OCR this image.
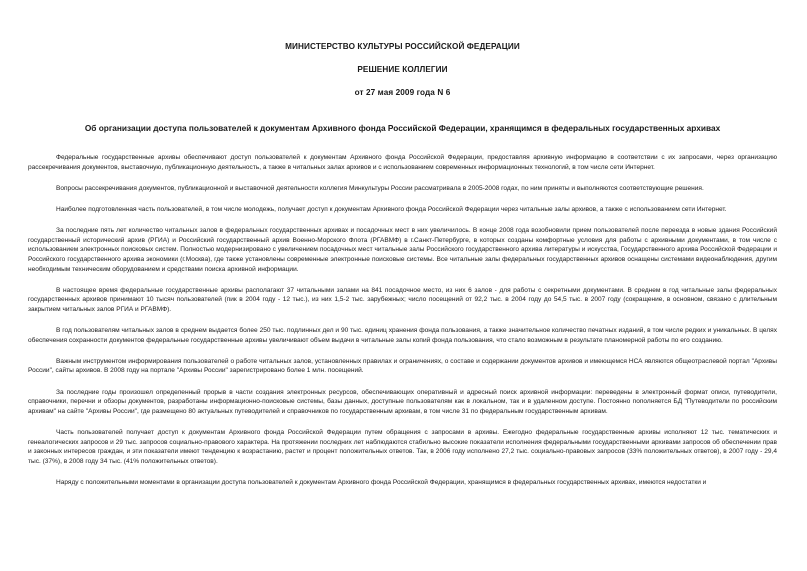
МИНИСТЕРСТВО КУЛЬТУРЫ РОССИЙСКОЙ ФЕДЕРАЦИИ
РЕШЕНИЕ КОЛЛЕГИИ
от 27 мая 2009 года N 6
Об организации доступа пользователей к документам Архивного фонда Российской Федерации, хранящимся в федеральных государственных архивах

Федеральные государственные архивы обеспечивают доступ пользователей к документам Архивного фонда Российской Федерации, предоставляя архивную информацию в соответствии с их запросами, через организацию рассекречивания документов, выставочную, публикационную деятельность, а также в читальных залах архивов и с использованием современных информационных технологий, в том числе сети Интернет.

Вопросы рассекречивания документов, публикационной и выставочной деятельности коллегия Минкультуры России рассматривала в 2005-2008 годах, по ним приняты и выполняются соответствующие решения.

Наиболее подготовленная часть пользователей, в том числе молодежь, получает доступ к документам Архивного фонда Российской Федерации через читальные залы архивов, а также с использованием сети Интернет.

За последние пять лет количество читальных залов в федеральных государственных архивах и посадочных мест в них увеличилось. В конце 2008 года возобновили прием пользователей после переезда в новые здания Российский государственный исторический архив (РГИА) и Российский государственный архив Военно-Морского Флота (РГАВМФ) в г.Санкт-Петербурге, в которых созданы комфортные условия для работы с архивными документами, в том числе с использованием электронных поисковых систем. Полностью модернизировано с увеличением посадочных мест читальные залы Российского государственного архива литературы и искусства, Государственного архива Российской Федерации и Российского государственного архива экономики (г.Москва), где также установлены современные электронные поисковые системы. Все читальные залы федеральных государственных архивов оснащены системами видеонаблюдения, другим необходимым техническим оборудованием и средствами поиска архивной информации.

В настоящее время федеральные государственные архивы располагают 37 читальными залами на 841 посадочное место, из них 6 залов - для работы с секретными документами. В среднем в год читальные залы федеральных государственных архивов принимают 10 тысяч пользователей (пик в 2004 году - 12 тыс.), из них 1,5-2 тыс. зарубежных; число посещений от 92,2 тыс. в 2004 году до 54,5 тыс. в 2007 году (сокращение, в основном, связано с длительным закрытием читальных залов РГИА и РГАВМФ).

В год пользователям читальных залов в среднем выдается более 250 тыс. подлинных дел и 90 тыс. единиц хранения фонда пользования, а также значительное количество печатных изданий, в том числе редких и уникальных. В целях обеспечения сохранности документов федеральные государственные архивы увеличивают объем выдачи в читальные залы копий фонда пользования, что стало возможным в результате планомерной работы по его созданию.

Важным инструментом информирования пользователей о работе читальных залов, установленных правилах и ограничениях, о составе и содержании документов архивов и имеющемся НСА являются общеотраслевой портал "Архивы России", сайты архивов. В 2008 году на портале "Архивы России" зарегистрировано более 1 млн. посещений.

За последние годы произошел определенный прорыв в части создания электронных ресурсов, обеспечивающих оперативный и адресный поиск архивной информации: переведены в электронный формат описи, путеводители, справочники, перечни и обзоры документов, разработаны информационно-поисковые системы, базы данных, доступные пользователям как в локальном, так и в удаленном доступе. Постоянно пополняется БД "Путеводители по российским архивам" на сайте "Архивы России", где размещено 80 актуальных путеводителей и справочников по государственным архивам, в том числе 31 по федеральным государственным архивам.

Часть пользователей получает доступ к документам Архивного фонда Российской Федерации путем обращения с запросами в архивы. Ежегодно федеральные государственные архивы исполняют 12 тыс. тематических и генеалогических запросов и 29 тыс. запросов социально-правового характера. На протяжении последних лет наблюдаются стабильно высокие показатели исполнения федеральными государственными архивами запросов об обеспечении прав и законных интересов граждан, и эти показатели имеют тенденцию к возрастанию, растет и процент положительных ответов. Так, в 2006 году исполнено 27,2 тыс. социально-правовых запросов (33% положительных ответов), в 2007 году - 29,4 тыс. (37%), в 2008 году 34 тыс. (41% положительных ответов).

Наряду с положительными моментами в организации доступа пользователей к документам Архивного фонда Российской Федерации, хранящимся в федеральных государственных архивах, имеются недостатки и
